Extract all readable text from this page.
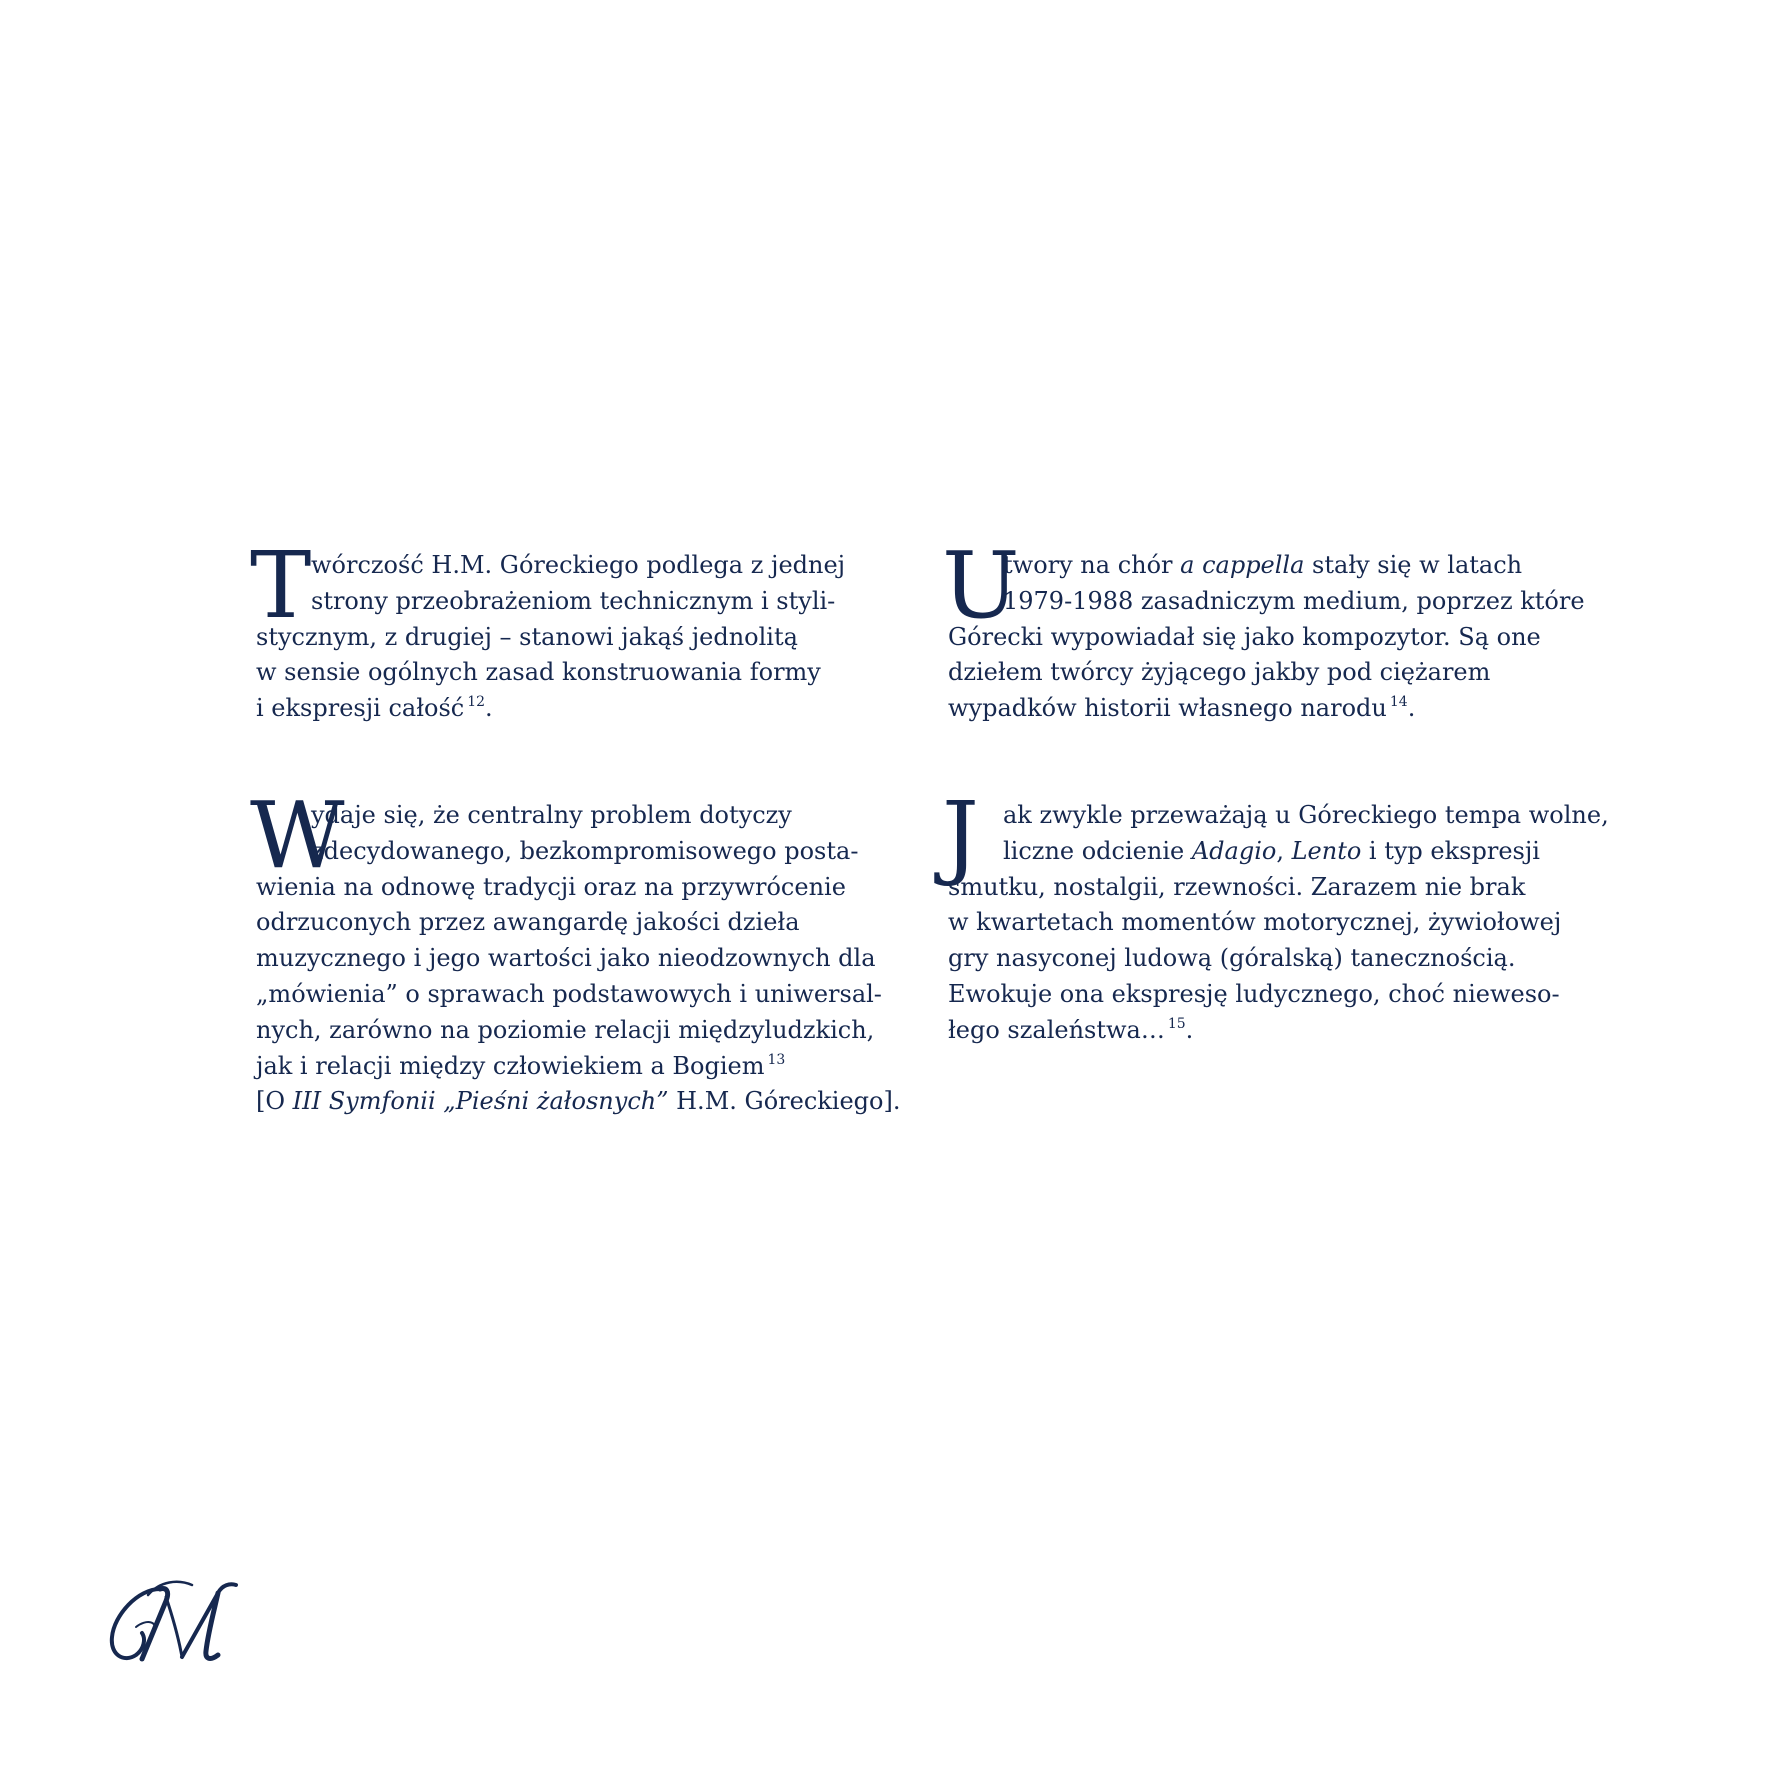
T wórczość H.M. Góreckiego podlega z jednej
strony przeobrażeniom technicznym i styli-
stycznym, z drugiej – stanowi jakąś jednolitą
w sensie ogólnych zasad konstruowania formy
i ekspresji całość $^{12}$.
U
twory na chór a cappella stały się w latach
1979-1988 zasadniczym medium, poprzez które
Górecki wypowiadał się jako kompozytor. Są one
dziełem twórcy żyjącego jakby pod ciężarem
wypadków historii własnego narodu $^{14}$.
W
ydaje się, że centralny problem dotyczy
zdecydowanego, bezkompromisowego posta-
wienia na odnowę tradycji oraz na przywrócenie
odrzuconych przez awangardę jakości dzieła
muzycznego i jego wartości jako nieodzownych dla
„mówienia” o sprawach podstawowych i uniwersal-
nych, zarówno na poziomie relacji międzyludzkich,
jak i relacji między człowiekiem a Bogiem $^{13}$
[O III Symfonii „Pieśni żałosnych” H.M. Góreckiego].
J	ak zwykle przeważają u Góreckiego tempa wolne,
liczne odcienie Adagio, Lento i typ ekspresji
smutku, nostalgii, rzewności. Zarazem nie brak
w kwartetach momentów motorycznej, żywiołowej
gry nasyconej ludową (góralską) tanecznością.
Ewokuje ona ekspresję ludycznego, choć niewesо-
łego szaleństwa… $^{15}$.
